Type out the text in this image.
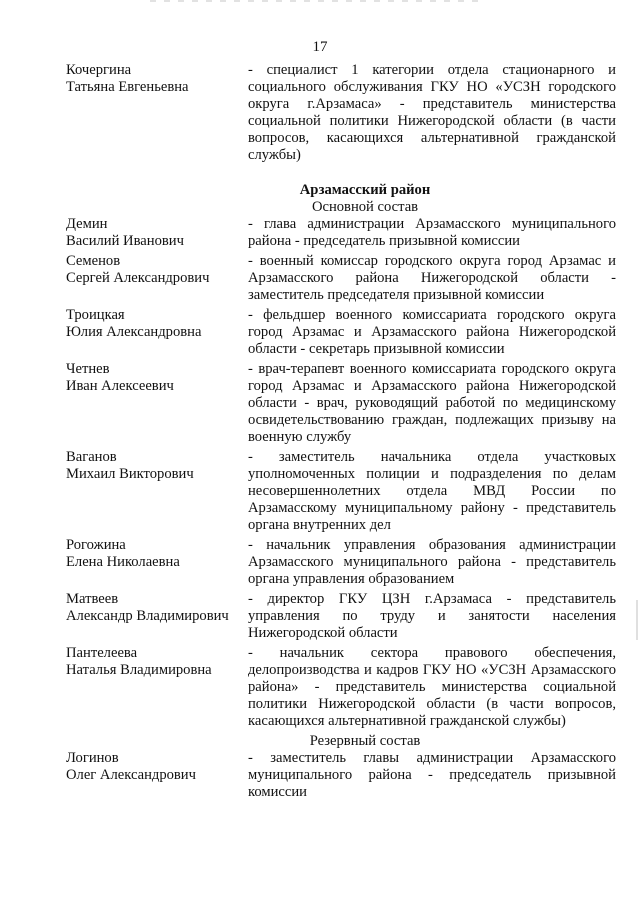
17
Кочергина
Татьяна Евгеньевна
- специалист 1 категории отдела стационарного и социального обслуживания ГКУ НО «УСЗН городского округа г.Арзамаса» - представитель министерства социальной политики Нижегородской области (в части вопросов, касающихся альтернативной гражданской службы)
Арзамасский район
Основной состав
Демин
Василий Иванович
- глава администрации Арзамасского муниципального района - председатель призывной комиссии
Семенов
Сергей Александрович
- военный комиссар городского округа город Арзамас и Арзамасского района Нижегородской области - заместитель председателя призывной комиссии
Троицкая
Юлия Александровна
- фельдшер военного комиссариата городского округа город Арзамас и Арзамасского района Нижегородской области - секретарь призывной комиссии
Четнев
Иван Алексеевич
- врач-терапевт военного комиссариата городского округа город Арзамас и Арзамасского района Нижегородской области - врач, руководящий работой по медицинскому освидетельствованию граждан, подлежащих призыву на военную службу
Ваганов
Михаил Викторович
- заместитель начальника отдела участковых уполномоченных полиции и подразделения по делам несовершеннолетних отдела МВД России по Арзамасскому муниципальному району - представитель органа внутренних дел
Рогожина
Елена Николаевна
- начальник управления образования администрации Арзамасского муниципального района - представитель органа управления образованием
Матвеев
Александр Владимирович
- директор ГКУ ЦЗН г.Арзамаса - представитель управления по труду и занятости населения Нижегородской области
Пантелеева
Наталья Владимировна
- начальник сектора правового обеспечения, делопроизводства и кадров ГКУ НО «УСЗН Арзамасского района» - представитель министерства социальной политики Нижегородской области (в части вопросов, касающихся альтернативной гражданской службы)
Резервный состав
Логинов
Олег Александрович
- заместитель главы администрации Арзамасского муниципального района - председатель призывной комиссии
